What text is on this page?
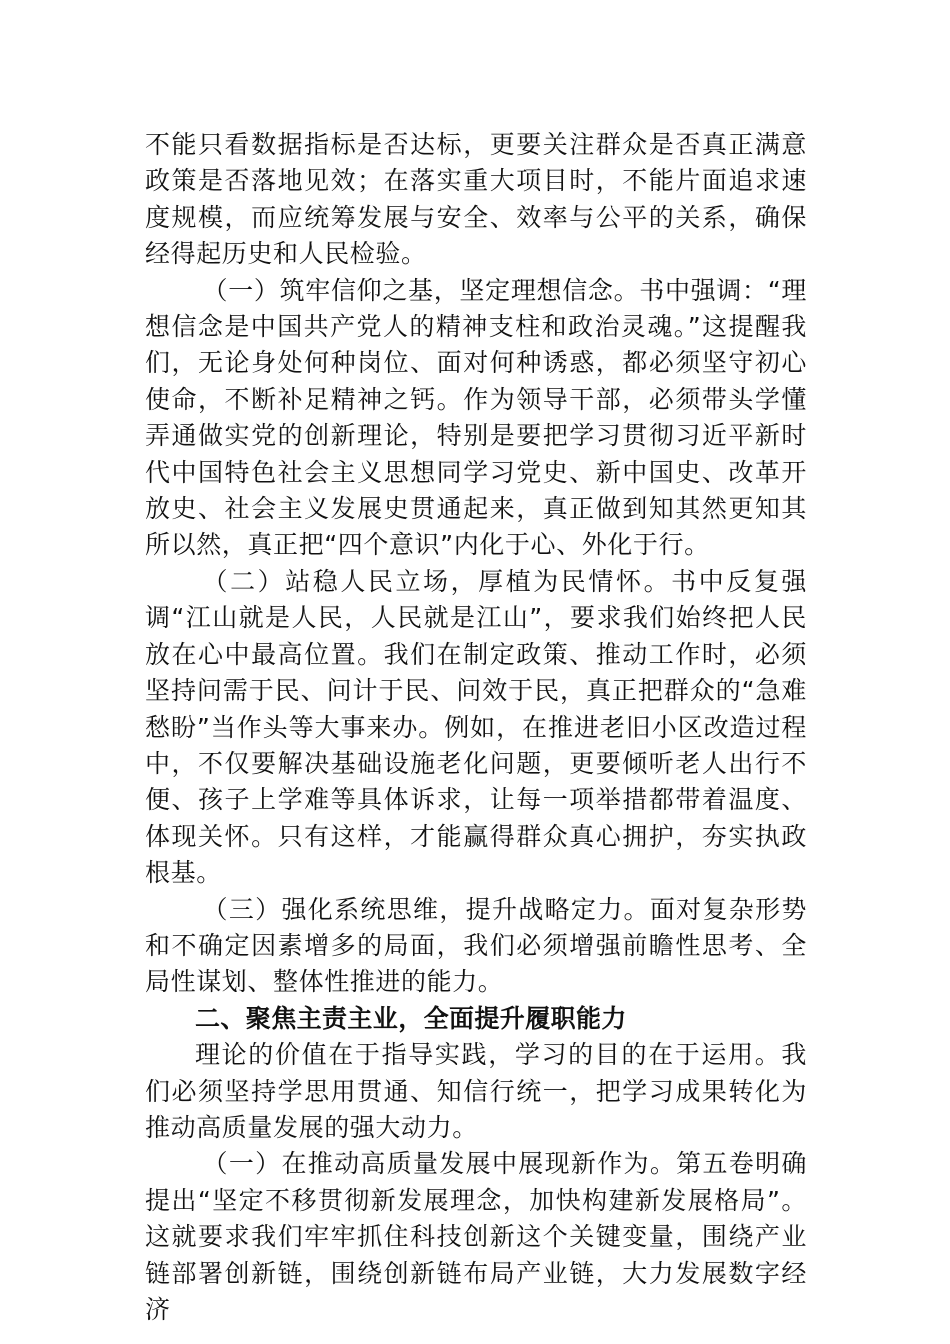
不能只看数据指标是否达标，更要关注群众是否真正满意政策是否落地见效；在落实重大项目时，不能片面追求速度规模，而应统筹发展与安全、效率与公平的关系，确保经得起历史和人民检验。

（一）筑牢信仰之基，坚定理想信念。书中强调：“理想信念是中国共产党人的精神支柱和政治灵魂。”这提醒我们，无论身处何种岗位、面对何种诱惑，都必须坚守初心使命，不断补足精神之钙。作为领导干部，必须带头学懂弄通做实党的创新理论，特别是要把学习贯彻习近平新时代中国特色社会主义思想同学习党史、新中国史、改革开放史、社会主义发展史贯通起来，真正做到知其然更知其所以然，真正把“四个意识”内化于心、外化于行。

（二）站稳人民立场，厚植为民情怀。书中反复强调“江山就是人民，人民就是江山”，要求我们始终把人民放在心中最高位置。我们在制定政策、推动工作时，必须坚持问需于民、问计于民、问效于民，真正把群众的“急难愁盼”当作头等大事来办。例如，在推进老旧小区改造过程中，不仅要解决基础设施老化问题，更要倾听老人出行不便、孩子上学难等具体诉求，让每一项举措都带着温度、体现关怀。只有这样，才能赢得群众真心拥护，夯实执政根基。

（三）强化系统思维，提升战略定力。面对复杂形势和不确定因素增多的局面，我们必须增强前瞻性思考、全局性谋划、整体性推进的能力。

二、聚焦主责主业，全面提升履职能力

理论的价值在于指导实践，学习的目的在于运用。我们必须坚持学思用贯通、知信行统一，把学习成果转化为推动高质量发展的强大动力。

（一）在推动高质量发展中展现新作为。第五卷明确提出“坚定不移贯彻新发展理念，加快构建新发展格局”。这就要求我们牢牢抓住科技创新这个关键变量，围绕产业链部署创新链，围绕创新链布局产业链，大力发展数字经济
